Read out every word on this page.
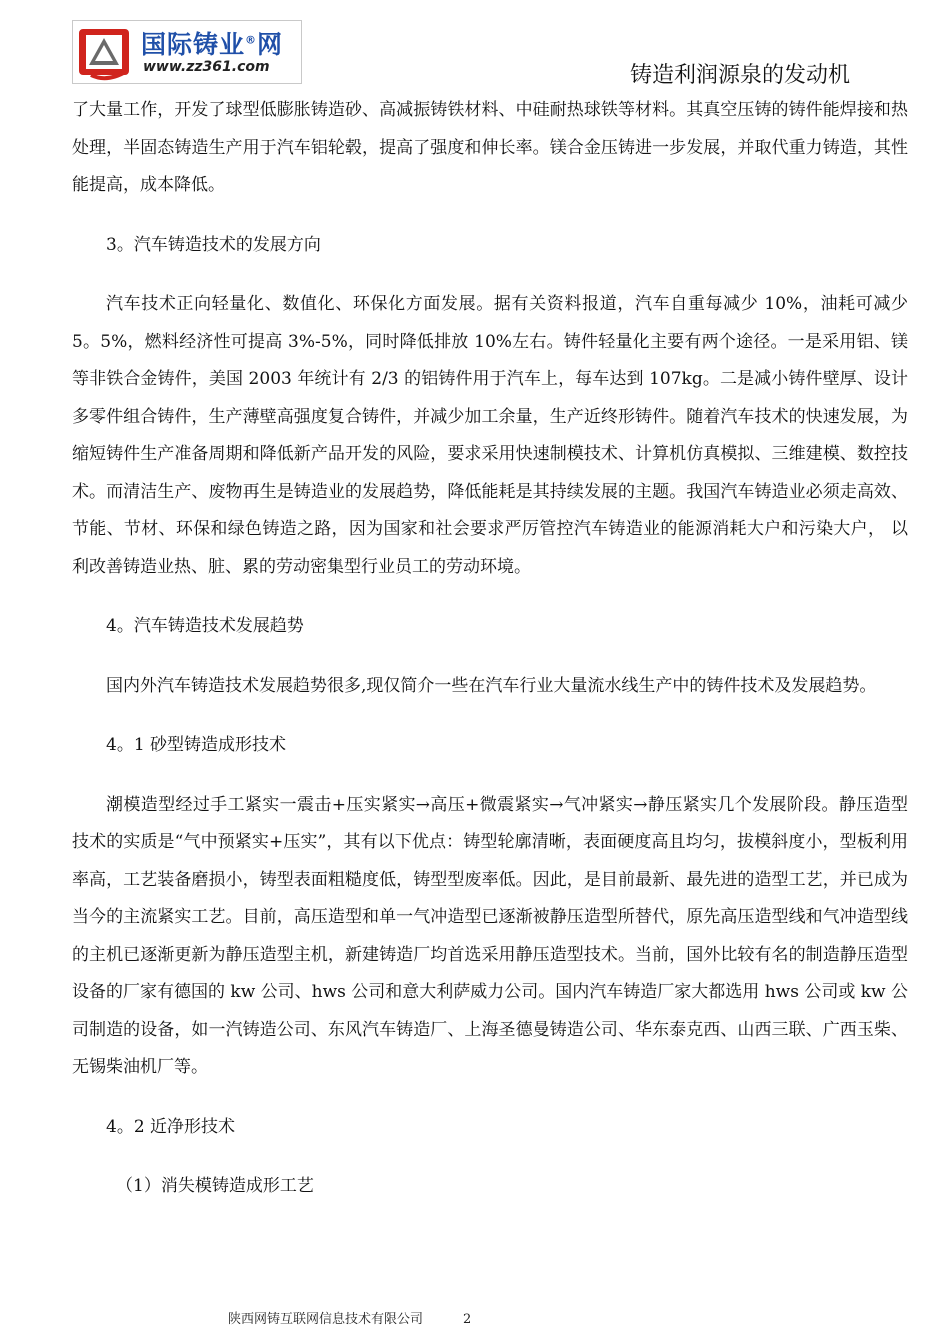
国际铸业®网
www.zz361.com	铸造利润源泉的发动机

了大量工作，开发了球型低膨胀铸造砂、高减振铸铁材料、中硅耐热球铁等材料。其真空压铸的铸件能焊接和热处理，半固态铸造生产用于汽车铝轮毂，提高了强度和伸长率。镁合金压铸进一步发展，并取代重力铸造，其性能提高，成本降低。

3。汽车铸造技术的发展方向

汽车技术正向轻量化、数值化、环保化方面发展。据有关资料报道，汽车自重每减少 10%，油耗可减少 5。5%，燃料经济性可提高 3%-5%，同时降低排放 10%左右。铸件轻量化主要有两个途径。一是采用铝、镁等非铁合金铸件，美国 2003 年统计有 2/3 的铝铸件用于汽车上，每车达到 107kg。二是减小铸件壁厚、设计多零件组合铸件，生产薄壁高强度复合铸件，并减少加工余量，生产近终形铸件。随着汽车技术的快速发展，为缩短铸件生产准备周期和降低新产品开发的风险，要求采用快速制模技术、计算机仿真模拟、三维建模、数控技术。而清洁生产、废物再生是铸造业的发展趋势，降低能耗是其持续发展的主题。我国汽车铸造业必须走高效、节能、节材、环保和绿色铸造之路，因为国家和社会要求严厉管控汽车铸造业的能源消耗大户和污染大户， 以利改善铸造业热、脏、累的劳动密集型行业员工的劳动环境。

4。汽车铸造技术发展趋势

国内外汽车铸造技术发展趋势很多,现仅简介一些在汽车行业大量流水线生产中的铸件技术及发展趋势。

4。1 砂型铸造成形技术

潮模造型经过手工紧实一震击+压实紧实→高压+微震紧实→气冲紧实→静压紧实几个发展阶段。静压造型技术的实质是“气中预紧实+压实”，其有以下优点：铸型轮廓清晰，表面硬度高且均匀，拔模斜度小，型板利用率高，工艺装备磨损小，铸型表面粗糙度低，铸型型废率低。因此，是目前最新、最先进的造型工艺，并已成为当今的主流紧实工艺。目前，高压造型和单一气冲造型已逐渐被静压造型所替代，原先高压造型线和气冲造型线的主机已逐渐更新为静压造型主机，新建铸造厂均首选采用静压造型技术。当前，国外比较有名的制造静压造型设备的厂家有德国的 kw 公司、hws 公司和意大利萨威力公司。国内汽车铸造厂家大都选用 hws 公司或 kw 公司制造的设备，如一汽铸造公司、东风汽车铸造厂、上海圣德曼铸造公司、华东泰克西、山西三联、广西玉柴、无锡柴油机厂等。

4。2 近净形技术

（1）消失模铸造成形工艺

陕西网铸互联网信息技术有限公司	2
